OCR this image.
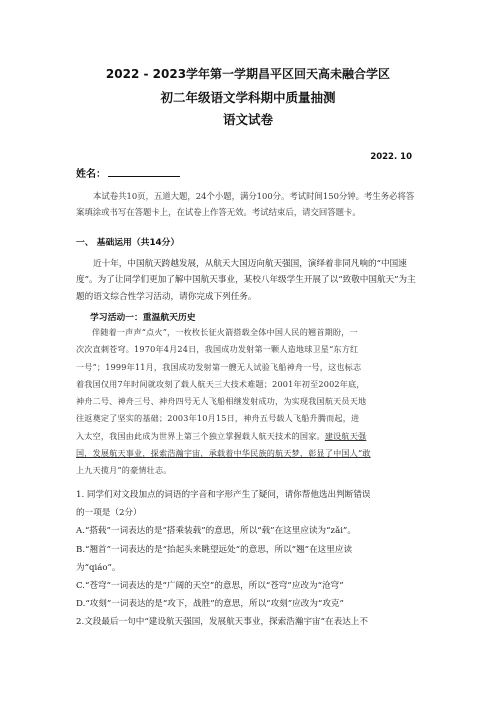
2022 - 2023学年第一学期昌平区回天高未融合学区
初二年级语文学科期中质量抽测
语文试卷
2022. 10
姓名：
本试卷共10页，五道大题，24个小题，满分100分。考试时间150分钟。考生务必将答案填涂或书写在答题卡上，在试卷上作答无效。考试结束后，请交回答题卡。
一、 基础运用（共14分）
近十年，中国航天跨越发展，从航天大国迈向航天强国，演绎着非同凡响的“中国速度”。为了让同学们更加了解中国航天事业，某校八年级学生开展了以“致敬中国航天”为主题的语文综合性学习活动，请你完成下列任务。
学习活动一：重温航天历史
伴随着一声声“点火”，一枚枚长征火箭搭载全体中国人民的翘首期盼，一
次次直刺苍穹。1970年4月24日，我国成功发射第一颗人造地球卫星“东方红
一号”；1999年11月，我国成功发射第一艘无人试验飞船神舟一号，这也标志
着我国仅用7年时间就攻刻了载人航天三大技术难题；2001年初至2002年底，
神舟二号、神舟三号、神舟四号无人飞船相继发射成功，为实现我国航天员天地
往返奠定了坚实的基础；2003年10月15日，神舟五号载人飞船升腾而起，进
入太空，我国由此成为世界上第三个独立掌握载人航天技术的国家。建设航天强
国，发展航天事业，探索浩瀚宇宙，承载着中华民族的航天梦，彰显了中国人“敢
上九天揽月”的豪情壮志。
1. 同学们对文段加点的词语的字音和字形产生了疑问，请你帮他选出判断错误
的一项是（2分）
A.“搭载”一词表达的是“搭乘装载”的意思，所以“载”在这里应读为“zǎi”。
B.“翘首”一词表达的是“抬起头来眺望远处”的意思，所以“翘”在这里应读
为“qiáo”。
C.“苍穹”一词表达的是“广阔的天空”的意思，所以“苍穹”应改为“沧穹”
D.“攻刻”一词表达的是“攻下，战胜”的意思，所以“攻刻”应改为“攻克”
2.文段最后一句中“建设航天强国，发展航天事业，探索浩瀚宇宙”在表达上不
